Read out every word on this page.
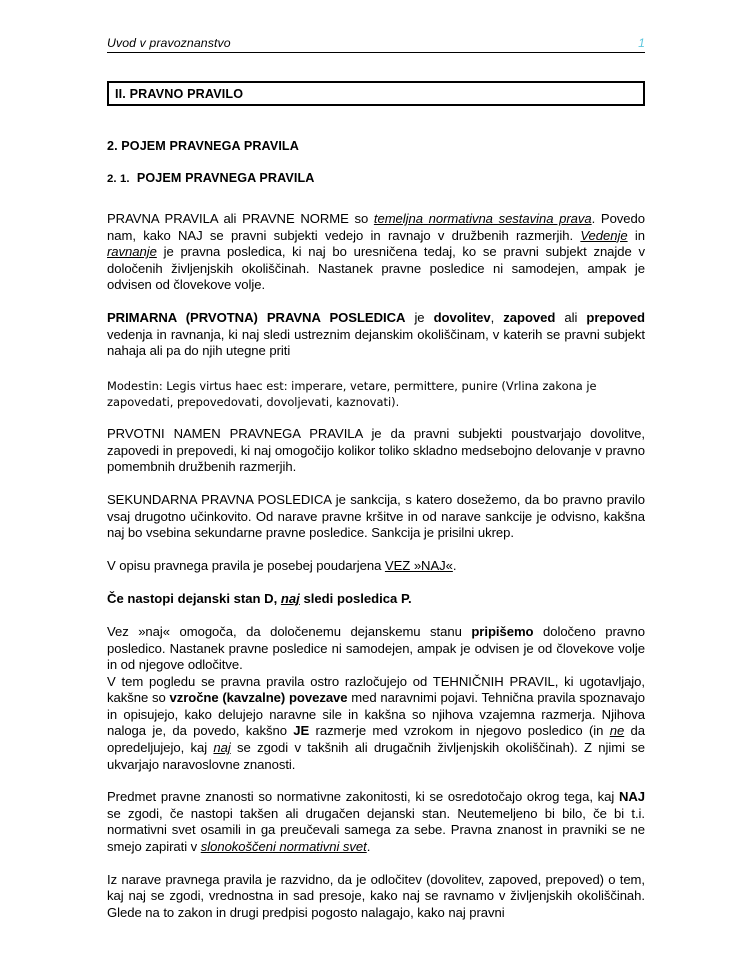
Uvod v pravoznanstvo	1
II. PRAVNO PRAVILO
2. POJEM PRAVNEGA PRAVILA
2. 1. POJEM PRAVNEGA PRAVILA

PRAVNA PRAVILA ali PRAVNE NORME so temeljna normativna sestavina prava. Povedo nam, kako NAJ se pravni subjekti vedejo in ravnajo v družbenih razmerjih. Vedenje in ravnanje je pravna posledica, ki naj bo uresničena tedaj, ko se pravni subjekt znajde v določenih življenjskih okoliščinah. Nastanek pravne posledice ni samodejen, ampak je odvisen od človekove volje.

PRIMARNA (PRVOTNA) PRAVNA POSLEDICA je dovolitev, zapoved ali prepoved vedenja in ravnanja, ki naj sledi ustreznim dejanskim okoliščinam, v katerih se pravni subjekt nahaja ali pa do njih utegne priti

Modestin: Legis virtus haec est: imperare, vetare, permittere, punire (Vrlina zakona je zapovedati, prepovedovati, dovoljevati, kaznovati).

PRVOTNI NAMEN PRAVNEGA PRAVILA je da pravni subjekti poustvarjajo dovolitve, zapovedi in prepovedi, ki naj omogočijo kolikor toliko skladno medsebojno delovanje v pravno pomembnih družbenih razmerjih.

SEKUNDARNA PRAVNA POSLEDICA je sankcija, s katero dosežemo, da bo pravno pravilo vsaj drugotno učinkovito. Od narave pravne kršitve in od narave sankcije je odvisno, kakšna naj bo vsebina sekundarne pravne posledice. Sankcija je prisilni ukrep.

V opisu pravnega pravila je posebej poudarjena VEZ »NAJ«.

Če nastopi dejanski stan D, naj sledi posledica P.

Vez »naj« omogoča, da določenemu dejanskemu stanu pripišemo določeno pravno posledico. Nastanek pravne posledice ni samodejen, ampak je odvisen je od človekove volje in od njegove odločitve.

V tem pogledu se pravna pravila ostro razločujejo od TEHNIČNIH PRAVIL, ki ugotavljajo, kakšne so vzročne (kavzalne) povezave med naravnimi pojavi. Tehnična pravila spoznavajo in opisujejo, kako delujejo naravne sile in kakšna so njihova vzajemna razmerja. Njihova naloga je, da povedo, kakšno JE razmerje med vzrokom in njegovo posledico (in ne da opredeljujejo, kaj naj se zgodi v takšnih ali drugačnih življenjskih okoliščinah). Z njimi se ukvarjajo naravoslovne znanosti.

Predmet pravne znanosti so normativne zakonitosti, ki se osredotočajo okrog tega, kaj NAJ se zgodi, če nastopi takšen ali drugačen dejanski stan. Neutemeljeno bi bilo, če bi t.i. normativni svet osamili in ga preučevali samega za sebe. Pravna znanost in pravniki se ne smejo zapirati v slonokoščeni normativni svet.

Iz narave pravnega pravila je razvidno, da je odločitev (dovolitev, zapoved, prepoved) o tem, kaj naj se zgodi, vrednostna in sad presoje, kako naj se ravnamo v življenjskih okoliščinah. Glede na to zakon in drugi predpisi pogosto nalagajo, kako naj pravni
